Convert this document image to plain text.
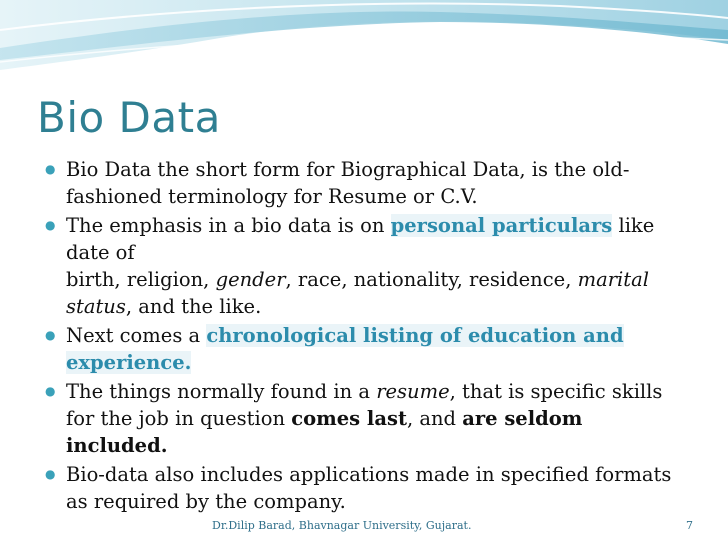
Bio Data
● Bio Data the short form for Biographical Data, is the old-fashioned terminology for Resume or C.V.
● The emphasis in a bio data is on personal particulars like date of
birth, religion, gender, race, nationality, residence, marital status, and the like.
● Next comes a chronological listing of education and experience.
● The things normally found in a resume, that is specific skills for the job in question comes last, and are seldom included.
● Bio-data also includes applications made in specified formats as required by the company.
Dr.Dilip Barad, Bhavnagar University, Gujarat.	7
